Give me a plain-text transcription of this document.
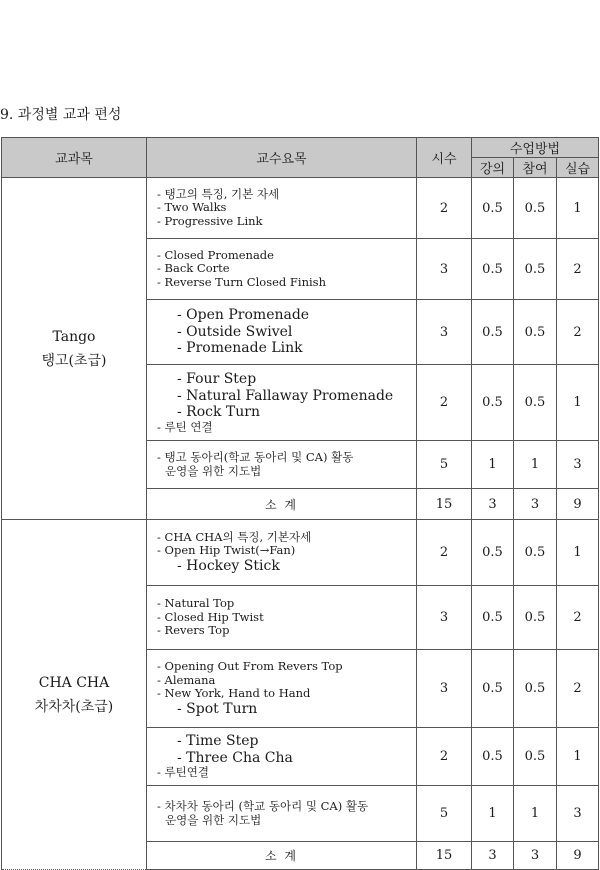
9. 과정별 교과 편성
교과목	교수요목	시수	수업방법		
			강의	참여	실습

Tango
탱고(초급)	- 탱고의 특징, 기본 자세
- Two Walks
- Progressive Link	2	0.5	0.5	1

	- Closed Promenade
- Back Corte
- Reverse Turn Closed Finish	3	0.5	0.5	2

	- Open Promenade
- Outside Swivel
- Promenade Link	3	0.5	0.5	2

	- Four Step
- Natural Fallaway Promenade
- Rock Turn
- 루틴 연결	2	0.5	0.5	1

	- 탱고 동아리(학교 동아리 및 CA) 활동
운영을 위한 지도법	5	1	1	3
	소 계	15	3	3	9

CHA CHA
차차차(초급)	- CHA CHA의 특징, 기본자세
- Open Hip Twist(→Fan)
- Hockey Stick	2	0.5	0.5	1

	- Natural Top
- Closed Hip Twist
- Revers Top	3	0.5	0.5	2

	- Opening Out From Revers Top
- Alemana
- New York, Hand to Hand
- Spot Turn	3	0.5	0.5	2

	- Time Step
- Three Cha Cha
- 루틴연결	2	0.5	0.5	1

	- 차차차 동아리 (학교 동아리 및 CA) 활동
운영을 위한 지도법	5	1	1	3
	소 계	15	3	3	9
